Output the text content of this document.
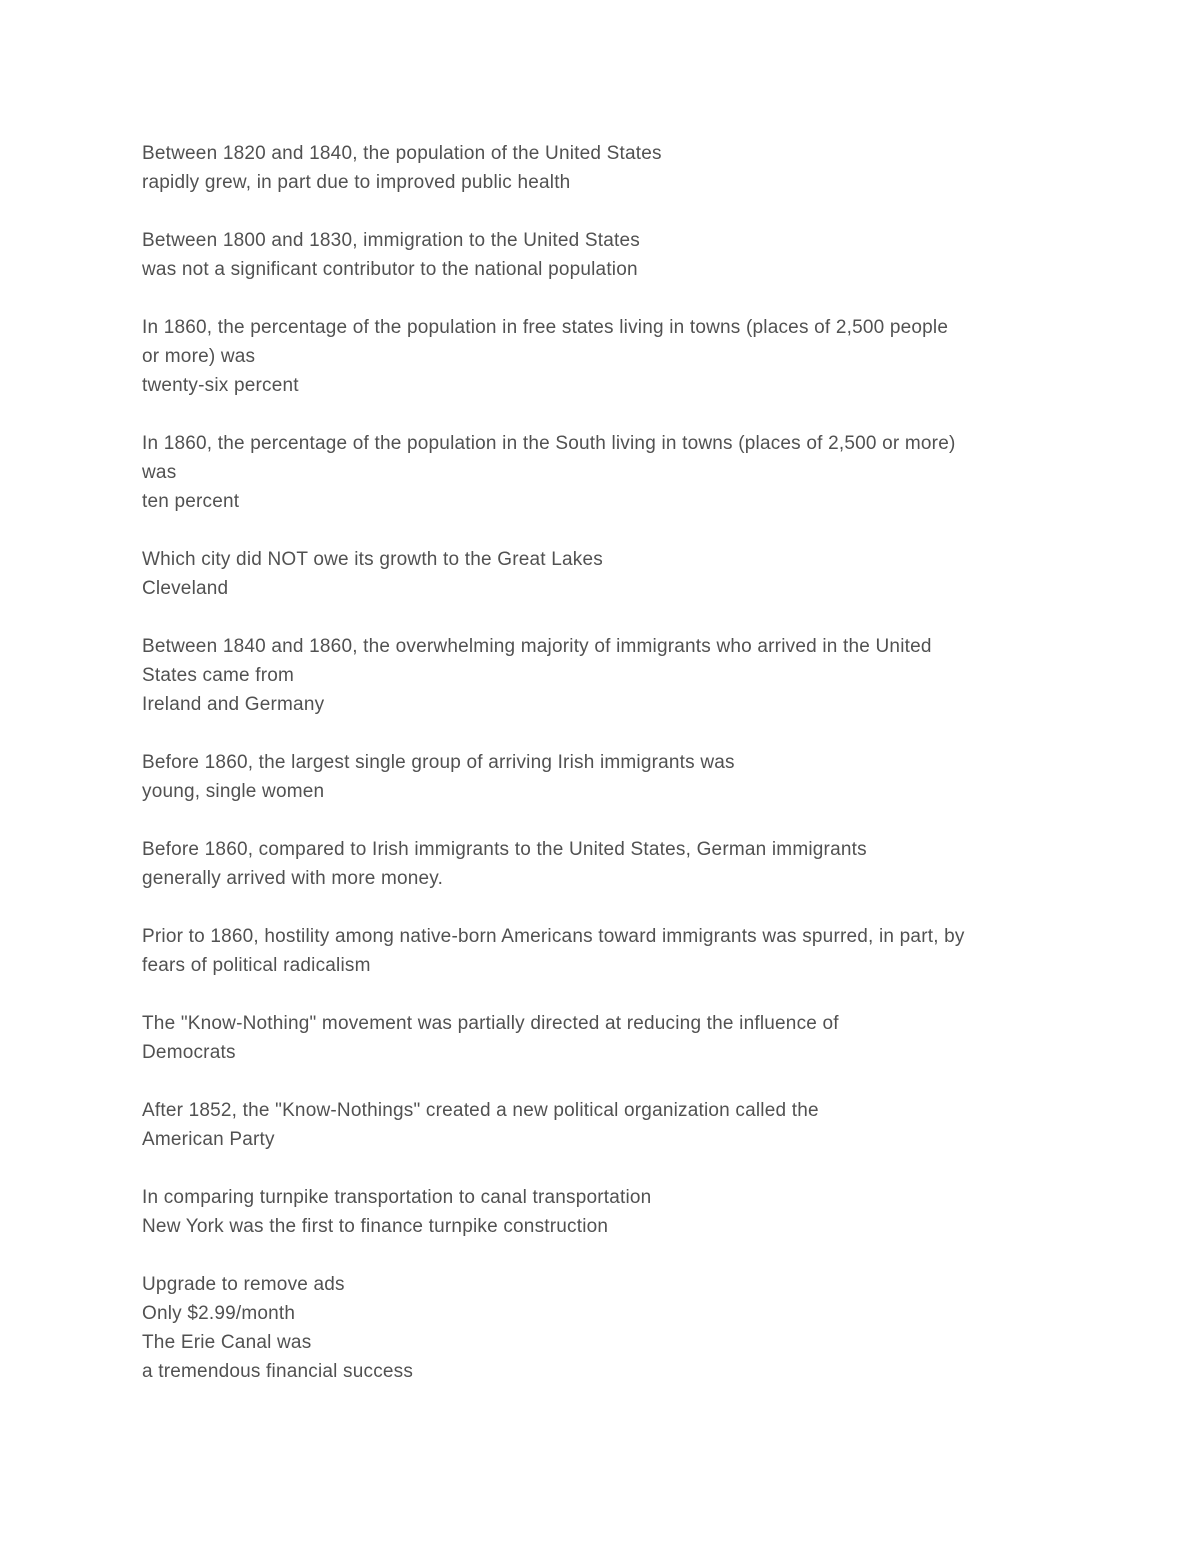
Between 1820 and 1840, the population of the United States
rapidly grew, in part due to improved public health

Between 1800 and 1830, immigration to the United States
was not a significant contributor to the national population

In 1860, the percentage of the population in free states living in towns (places of 2,500 people
or more) was
twenty-six percent

In 1860, the percentage of the population in the South living in towns (places of 2,500 or more)
was
ten percent

Which city did NOT owe its growth to the Great Lakes
Cleveland

Between 1840 and 1860, the overwhelming majority of immigrants who arrived in the United
States came from
Ireland and Germany

Before 1860, the largest single group of arriving Irish immigrants was
young, single women

Before 1860, compared to Irish immigrants to the United States, German immigrants
generally arrived with more money.

Prior to 1860, hostility among native-born Americans toward immigrants was spurred, in part, by
fears of political radicalism

The "Know-Nothing" movement was partially directed at reducing the influence of
Democrats

After 1852, the "Know-Nothings" created a new political organization called the
American Party

In comparing turnpike transportation to canal transportation
New York was the first to finance turnpike construction

Upgrade to remove ads
Only $2.99/month

The Erie Canal was
a tremendous financial success
